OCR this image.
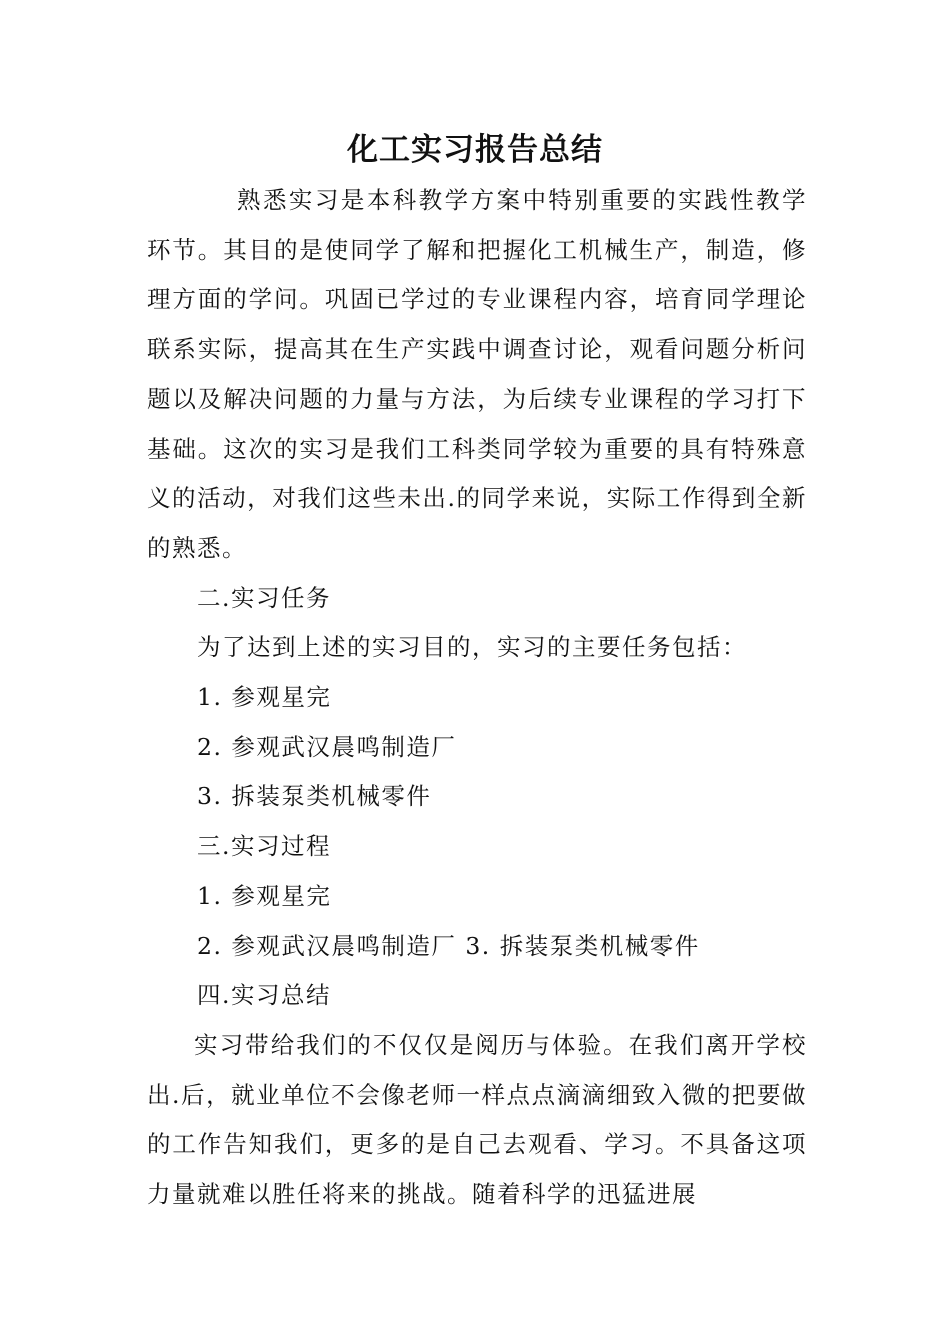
化工实习报告总结

熟悉实习是本科教学方案中特别重要的实践性教学环节。其目的是使同学了解和把握化工机械生产，制造，修理方面的学问。巩固已学过的专业课程内容，培育同学理论联系实际，提高其在生产实践中调查讨论，观看问题分析问题以及解决问题的力量与方法，为后续专业课程的学习打下基础。这次的实习是我们工科类同学较为重要的具有特殊意义的活动，对我们这些未出.的同学来说，实际工作得到全新的熟悉。

二.实习任务

为了达到上述的实习目的，实习的主要任务包括：

1. 参观星完

2. 参观武汉晨鸣制造厂

3. 拆装泵类机械零件

三.实习过程

1. 参观星完

2. 参观武汉晨鸣制造厂 3. 拆装泵类机械零件

四.实习总结

实习带给我们的不仅仅是阅历与体验。在我们离开学校出.后，就业单位不会像老师一样点点滴滴细致入微的把要做的工作告知我们，更多的是自己去观看、学习。不具备这项力量就难以胜任将来的挑战。随着科学的迅猛进展
